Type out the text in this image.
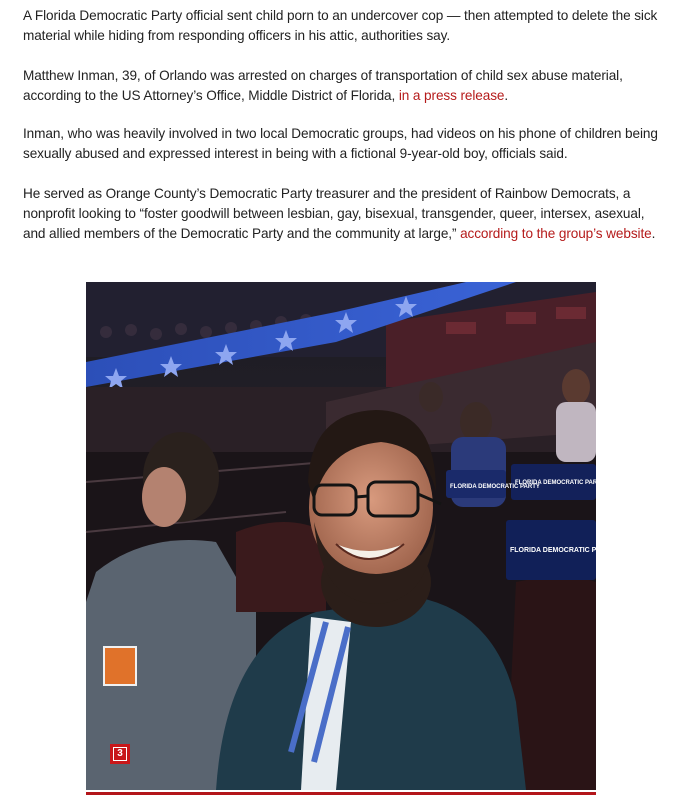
A Florida Democratic Party official sent child porn to an undercover cop — then attempted to delete the sick material while hiding from responding officers in his attic, authorities say.

Matthew Inman, 39, of Orlando was arrested on charges of transportation of child sex abuse material, according to the US Attorney’s Office, Middle District of Florida, in a press release.

Inman, who was heavily involved in two local Democratic groups, had videos on his phone of children being sexually abused and expressed interest in being with a fictional 9-year-old boy, officials said.

He served as Orange County’s Democratic Party treasurer and the president of Rainbow Democrats, a nonprofit looking to “foster goodwill between lesbian, gay, bisexual, transgender, queer, intersex, asexual, and allied members of the Democratic Party and the community at large,” according to the group’s website.

FLORIDA DEMOCRATIC PARTY
FLORIDA DEMOCRATIC PARTY
FLORIDA DEMOCRATIC PARTY
3
